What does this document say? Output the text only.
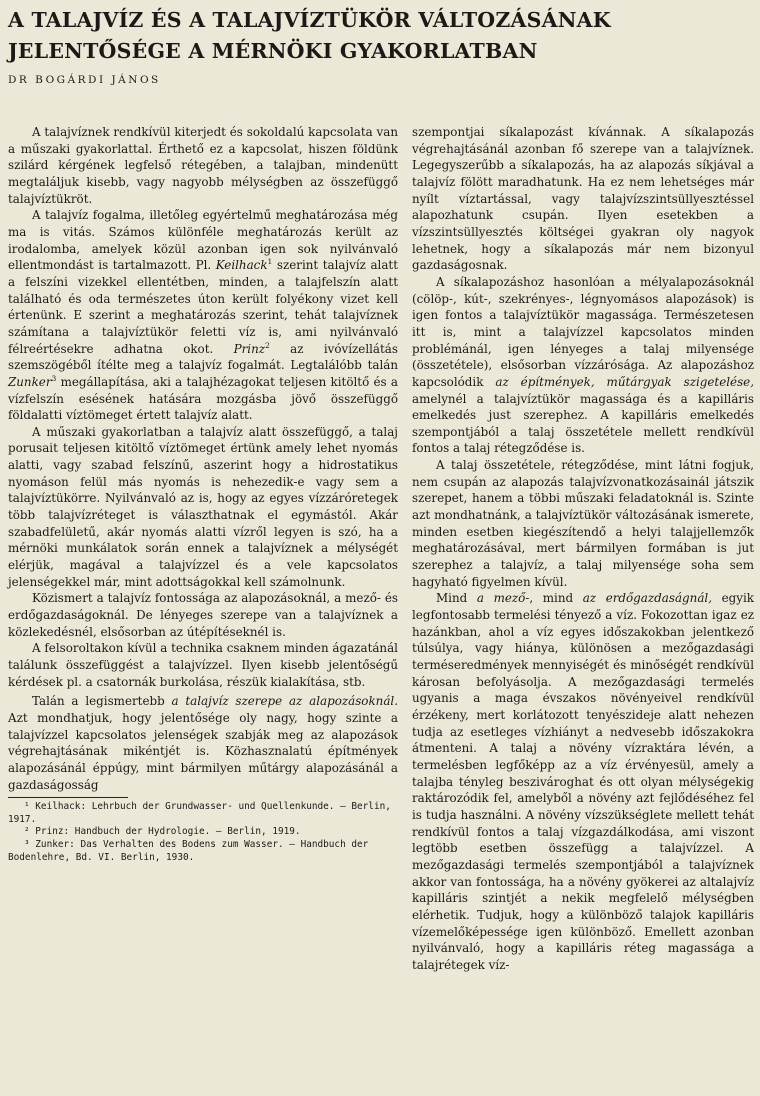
A TALAJVÍZ ÉS A TALAJVÍZTÜKÖR VÁLTOZÁSÁNAK
JELENTŐSÉGE A MÉRNÖKI GYAKORLATBAN
DR BOGÁRDI JÁNOS

A talajvíznek rendkívül kiterjedt és sokoldalú kapcsolata van a műszaki gyakorlattal. Érthető ez a kapcsolat, hiszen földünk szilárd kérgének legfelső rétegében, a talajban, mindenütt megtaláljuk kisebb, vagy nagyobb mélységben az összefüggő talajvíztükröt.

A talajvíz fogalma, illetőleg egyértelmű meghatározása még ma is vitás. Számos különféle meghatározás került az irodalomba, amelyek közül azonban igen sok nyilvánvaló ellentmondást is tartalmazott. Pl. Keilhack$^1$ szerint talajvíz alatt a felszíni vizekkel ellentétben, minden, a talajfelszín alatt található és oda természetes úton került folyékony vizet kell értenünk. E szerint a meghatározás szerint, tehát talajvíznek számítana a talajvíztükör feletti víz is, ami nyilvánvaló félreértésekre adhatna okot. Prinz$^2$ az ivóvízellátás szemszögéből ítélte meg a talajvíz fogalmát. Legtalálóbb talán Zunker$^3$ megállapítása, aki a talajhézagokat teljesen kitöltő és a vízfelszín esésének hatására mozgásba jövő összefüggő földalatti víztömeget értett talajvíz alatt.

A műszaki gyakorlatban a talajvíz alatt összefüggő, a talaj porusait teljesen kitöltő víztömeget értünk amely lehet nyomás alatti, vagy szabad felszínű, aszerint hogy a hidrostatikus nyomáson felül más nyomás is nehezedik-e vagy sem a talajvíztükörre. Nyilvánvaló az is, hogy az egyes vízzáróretegek több talajvízréteget is választhatnak el egymástól. Akár szabadfelületű, akár nyomás alatti vízről legyen is szó, ha a mérnöki munkálatok során ennek a talajvíznek a mélységét elérjük, magával a talajvízzel és a vele kapcsolatos jelenségekkel már, mint adottságokkal kell számolnunk.

Közismert a talajvíz fontossága az alapozásoknál, a mező- és erdőgazdaságoknál. De lényeges szerepe van a talajvíznek a közlekedésnél, elsősorban az útépítéseknél is.

A felsoroltakon kívül a technika csaknem minden ágazatánál találunk összefüggést a talajvízzel. Ilyen kisebb jelentőségű kérdések pl. a csatornák burkolása, részük kialakítása, stb.

Talán a legismertebb a talajvíz szerepe az alapozásoknál. Azt mondhatjuk, hogy jelentősége oly nagy, hogy szinte a talajvízzel kapcsolatos jelenségek szabják meg az alapozások végrehajtásának mikéntjét is. Közhasznalatú építmények alapozásánál éppúgy, mint bármilyen műtárgy alapozásánál a gazdaságosság

¹ Keilhack: Lehrbuch der Grundwasser- und Quellenkunde. — Berlin, 1917.

² Prinz: Handbuch der Hydrologie. — Berlin, 1919.

³ Zunker: Das Verhalten des Bodens zum Wasser. — Handbuch der Bodenlehre, Bd. VI. Berlin, 1930.

szempontjai síkalapozást kívánnak. A síkalapozás végrehajtásánál azonban fő szerepe van a talajvíznek. Legegyszerűbb a síkalapozás, ha az alapozás síkjával a talajvíz fölött maradhatunk. Ha ez nem lehetséges már nyílt víztartással, vagy talajvízszintsüllyesztéssel alapozhatunk csupán. Ilyen esetekben a vízszintsüllyesztés költségei gyakran oly nagyok lehetnek, hogy a síkalapozás már nem bizonyul gazdaságosnak.

A síkalapozáshoz hasonlóan a mélyalapozásoknál (cölöp-, kút-, szekrényes-, légnyomásos alapozások) is igen fontos a talajvíztükör magassága. Természetesen itt is, mint a talajvízzel kapcsolatos minden problémánál, igen lényeges a talaj milyensége (összetétele), elsősorban vízzárósága. Az alapozáshoz kapcsolódik az építmények, műtárgyak szigetelése, amelynél a talajvíztükör magassága és a kapilláris emelkedés just szerephez. A kapilláris emelkedés szempontjából a talaj összetétele mellett rendkívül fontos a talaj rétegződése is.

A talaj összetétele, rétegződése, mint látni fogjuk, nem csupán az alapozás talajvízvonatkozásainál játszik szerepet, hanem a többi műszaki feladatoknál is. Szinte azt mondhatnánk, a talajvíztükör változásának ismerete, minden esetben kiegészítendő a helyi talajjellemzők meghatározásával, mert bármilyen formában is jut szerephez a talajvíz, a talaj milyensége soha sem hagyható figyelmen kívül.

Mind a mező-, mind az erdőgazdaságnál, egyik legfontosabb termelési tényező a víz. Fokozottan igaz ez hazánkban, ahol a víz egyes időszakokban jelentkező túlsúlya, vagy hiánya, különösen a mezőgazdasági terméseredmények mennyiségét és minőségét rendkívül károsan befolyásolja. A mezőgazdasági termelés ugyanis a maga évszakos növényeivel rendkívül érzékeny, mert korlátozott tenyészideje alatt nehezen tudja az esetleges vízhiányt a nedvesebb időszakokra átmenteni. A talaj a növény vízraktára lévén, a termelésben legfőképp az a víz érvényesül, amely a talajba tényleg beszivároghat és ott olyan mélységekig raktározódik fel, amelyből a növény azt fejlődéséhez fel is tudja használni. A növény vízszükséglete mellett tehát rendkívül fontos a talaj vízgazdálkodása, ami viszont legtöbb esetben összefügg a talajvízzel. A mezőgazdasági termelés szempontjából a talajvíznek akkor van fontossága, ha a növény gyökerei az altalajvíz kapilláris szintjét a nekik megfelelő mélységben elérhetik. Tudjuk, hogy a különböző talajok kapilláris vízemelőképessége igen különböző. Emellett azonban nyilvánvaló, hogy a kapilláris réteg magassága a talajrétegek víz-
